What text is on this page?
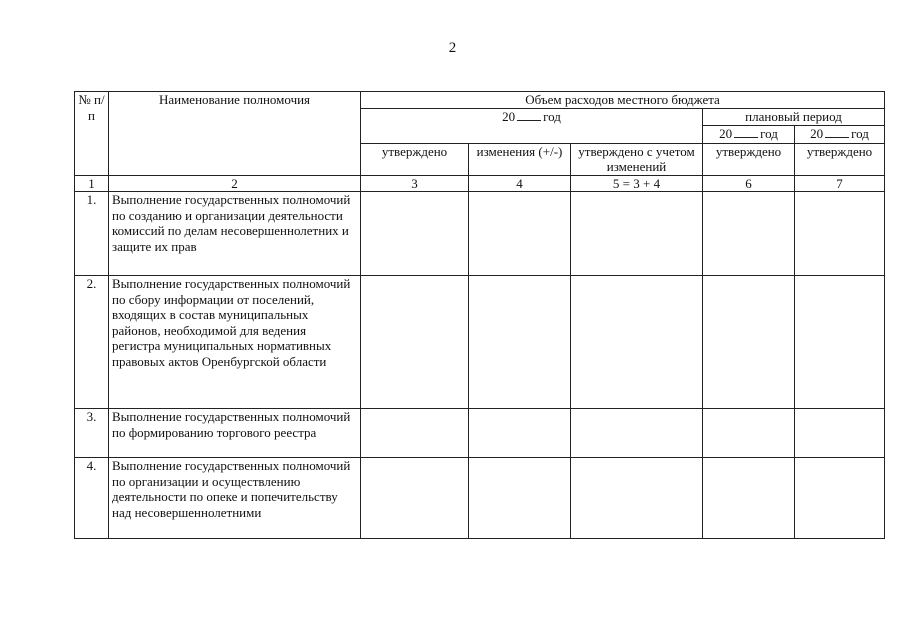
2
№ п/п	Наименование полномочия	Объем расходов местного бюджета				
		20 год			плановый период	
					20 год	20 год
		утверждено	изменения (+/-)	утверждено с учетом изменений	утверждено	утверждено
1	2	3	4	5 = 3 + 4	6	7
1.	Выполнение государственных полномочий по созданию и организации деятельности комиссий по делам несовершеннолетних и защите их прав					
2.	Выполнение государственных полномочий по сбору информации от поселений, входящих в состав муниципальных районов, необходимой для ведения регистра муниципальных нормативных правовых актов Оренбургской области					
3.	Выполнение государственных полномочий по формированию торгового реестра					
4.	Выполнение государственных полномочий по организации и осуществлению деятельности по опеке и попечительству над несовершеннолетними					
